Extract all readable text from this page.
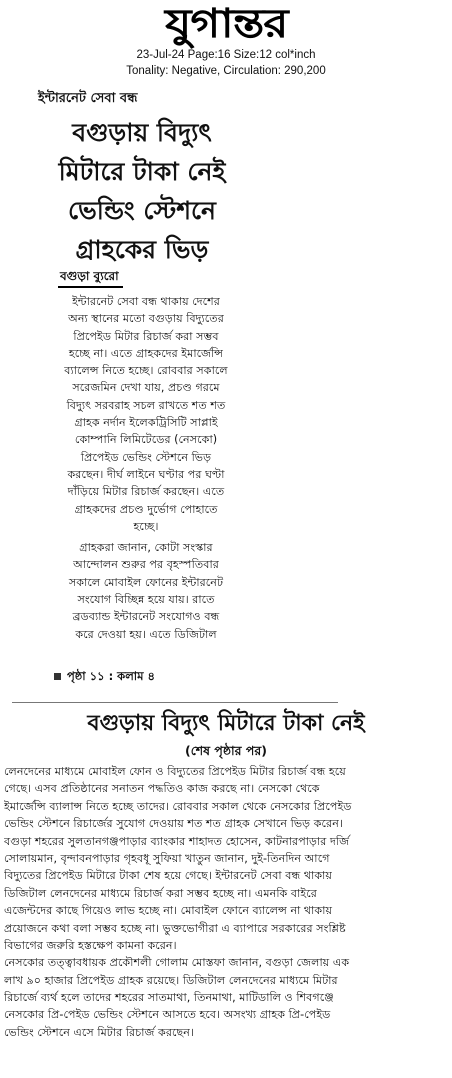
যুগান্তর
23-Jul-24 Page:16 Size:12 col*inch
Tonality: Negative, Circulation: 290,200
ইন্টারনেট সেবা বন্ধ
বগুড়ায় বিদ্যুৎ
মিটারে টাকা নেই
ভেন্ডিং স্টেশনে
গ্রাহকের ভিড়
বগুড়া ব্যুরো
ইন্টারনেট সেবা বন্ধ থাকায় দেশের
অন্য স্থানের মতো বগুড়ায় বিদ্যুতের
প্রিপেইড মিটার রিচার্জ করা সম্ভব
হচ্ছে না। এতে গ্রাহকদের ইমার্জেন্সি
ব্যালেন্স নিতে হচ্ছে। রোববার সকালে
সরেজমিন দেখা যায়, প্রচণ্ড গরমে
বিদ্যুৎ সরবরাহ সচল রাখতে শত শত
গ্রাহক নর্দান ইলেকট্রিসিটি সাপ্লাই
কোম্পানি লিমিটেডের (নেসকো)
প্রিপেইড ভেন্ডিং স্টেশনে ভিড়
করছেন। দীর্ঘ লাইনে ঘণ্টার পর ঘণ্টা
দাঁড়িয়ে মিটার রিচার্জ করছেন। এতে
গ্রাহকদের প্রচণ্ড দুর্ভোগ পোহাতে
হচ্ছে।
গ্রাহকরা জানান, কোটা সংস্কার
আন্দোলন শুরুর পর বৃহস্পতিবার
সকালে মোবাইল ফোনের ইন্টারনেট
সংযোগ বিচ্ছিন্ন হয়ে যায়। রাতে
ব্রডব্যান্ড ইন্টারনেট সংযোগও বন্ধ
করে দেওয়া হয়। এতে ডিজিটাল
পৃষ্ঠা ১১ : কলাম ৪
বগুড়ায় বিদ্যুৎ মিটারে টাকা নেই
(শেষ পৃষ্ঠার পর)
লেনদেনের মাধ্যমে মোবাইল ফোন ও বিদ্যুতের প্রিপেইড মিটার রিচার্জ বন্ধ হয়ে
গেছে। এসব প্রতিষ্ঠানের সনাতন পদ্ধতিও কাজ করছে না। নেসকো থেকে
ইমার্জেন্সি ব্যালান্স নিতে হচ্ছে তাদের। রোববার সকাল থেকে নেসকোর প্রিপেইড
ভেন্ডিং স্টেশনে রিচার্জের সুযোগ দেওয়ায় শত শত গ্রাহক সেখানে ভিড় করেন।
বগুড়া শহরের সুলতানগঞ্জপাড়ার ব্যাংকার শাহাদত হোসেন, কাটনারপাড়ার দর্জি
সোলায়মান, বৃন্দাবনপাড়ার গৃহবধূ সুফিয়া খাতুন জানান, দুই-তিনদিন আগে
বিদ্যুতের প্রিপেইড মিটারে টাকা শেষ হয়ে গেছে। ইন্টারনেট সেবা বন্ধ থাকায়
ডিজিটাল লেনদেনের মাধ্যমে রিচার্জ করা সম্ভব হচ্ছে না। এমনকি বাইরে
এজেন্টদের কাছে গিয়েও লাভ হচ্ছে না। মোবাইল ফোনে ব্যালেন্স না থাকায়
প্রয়োজনে কথা বলা সম্ভব হচ্ছে না। ভুক্তভোগীরা এ ব্যাপারে সরকারের সংশ্লিষ্ট
বিভাগের জরুরি হস্তক্ষেপ কামনা করেন।
নেসকোর তত্ত্বাবধায়ক প্রকৌশলী গোলাম মোস্তফা জানান, বগুড়া জেলায় এক
লাখ ৯০ হাজার প্রিপেইড গ্রাহক রয়েছে। ডিজিটাল লেনদেনের মাধ্যমে মিটার
রিচার্জে ব্যর্থ হলে তাদের শহরের সাতমাথা, তিনমাথা, মাটিডালি ও শিবগঞ্জে
নেসকোর প্রি-পেইড ভেন্ডিং স্টেশনে আসতে হবে। অসংখ্য গ্রাহক প্রি-পেইড
ভেন্ডিং স্টেশনে এসে মিটার রিচার্জ করছেন।
